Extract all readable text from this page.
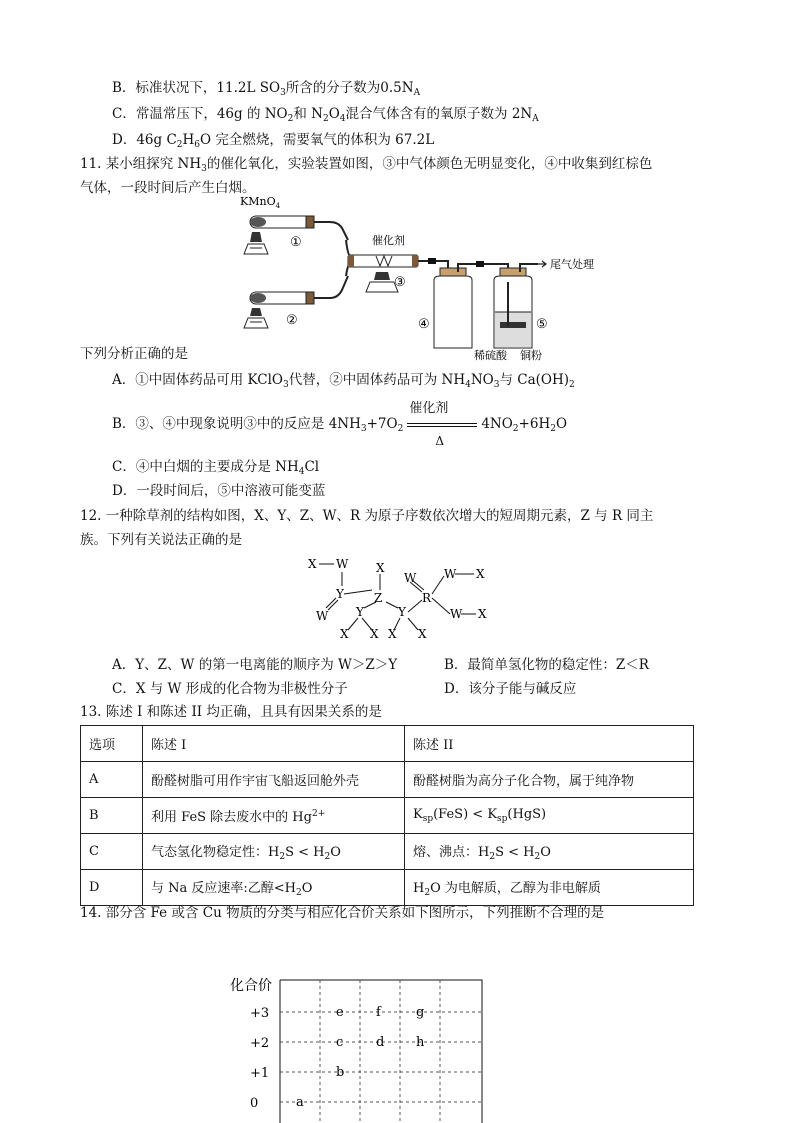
B．标准状况下，11.2L $SO_3$所含的分子数为$0.5N_A$
C．常温常压下，46g 的 $NO_2$和 $N_2O_4$混合气体含有的氧原子数为 $2N_A$
D．46g $C_2H_6O$ 完全燃烧，需要氧气的体积为 67.2L
11. 某小组探究 $NH_3$的催化氧化，实验装置如图，③中气体颜色无明显变化，④中收集到红棕色
气体，一段时间后产生白烟。
KMnO$_4$
①
②
催化剂
③
④	⑤
尾气处理
稀硫酸 铜粉
下列分析正确的是
A．①中固体药品可用 KClO$_3$代替，②中固体药品可为 $NH_4NO_3$与 $Ca(OH)_2$
B．③、④中现象说明③中的反应是 $4NH_3+7O_2$
催化剂
Δ
$4NO_2+6H_2O$
C．④中白烟的主要成分是 $NH_4Cl$
D．一段时间后，⑤中溶液可能变蓝
12. 一种除草剂的结构如图，X、Y、Z、W、R 为原子序数依次增大的短周期元素，Z 与 R 同主
族。下列有关说法正确的是
X W
Y
W
X
Z
Y	Y
X X X X
W
R
W X
W X
A．Y、Z、W 的第一电离能的顺序为 W＞Z＞Y	B．最简单氢化物的稳定性：Z＜R
C．X 与 W 形成的化合物为非极性分子	D．该分子能与碱反应
13. 陈述 I 和陈述 II 均正确，且具有因果关系的是
选项	陈述 I	陈述 II
A	酚醛树脂可用作宇宙飞船返回舱外壳	酚醛树脂为高分子化合物，属于纯净物
B	利用 FeS 除去废水中的 $Hg^{2+}$	$K_{sp}(FeS) < K_{sp}(HgS)$
C	气态氢化物稳定性：$H_2S < H_2O$	熔、沸点：$H_2S < H_2O$
D	与 Na 反应速率:乙醇$<H_2O$	$H_2O$ 为电解质，乙醇为非电解质
14. 部分含 Fe 或含 Cu 物质的分类与相应化合价关系如下图所示，下列推断不合理的是
化合价
+3
+2
+1
0
e f	g
c	d h
b
a
